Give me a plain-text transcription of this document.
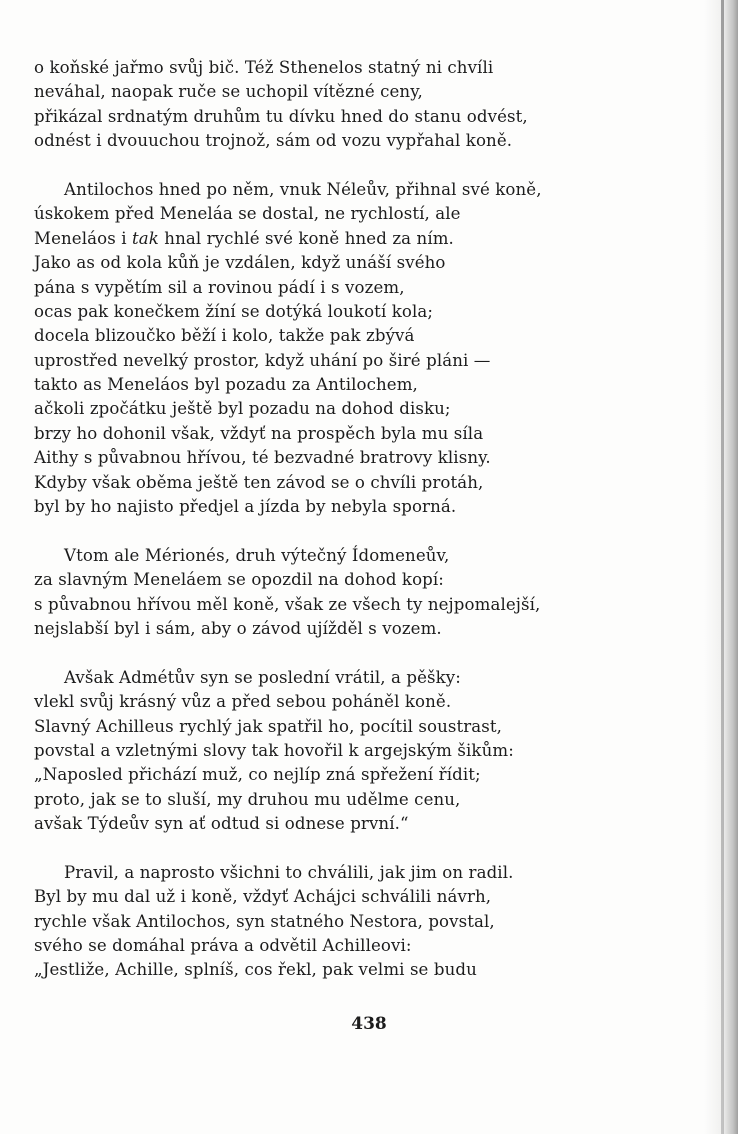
o koňské jařmo svůj bič. Též Sthenelos statný ni chvíli
neváhal, naopak ruče se uchopil vítězné ceny,
přikázal srdnatým druhům tu dívku hned do stanu odvést,
odnést i dvouuchou trojnož, sám od vozu vypřahal koně.
Antilochos hned po něm, vnuk Néleův, přihnal své koně,
úskokem před Meneláa se dostal, ne rychlostí, ale
Meneláos i tak hnal rychlé své koně hned za ním.
Jako as od kola kůň je vzdálen, když unáší svého
pána s vypětím sil a rovinou pádí i s vozem,
ocas pak konečkem žíní se dotýká loukotí kola;
docela blizoučko běží i kolo, takže pak zbývá
uprostřed nevelký prostor, když uhání po širé pláni —
takto as Meneláos byl pozadu za Antilochem,
ačkoli zpočátku ještě byl pozadu na dohod disku;
brzy ho dohonil však, vždyť na prospěch byla mu síla
Aithy s půvabnou hřívou, té bezvadné bratrovy klisny.
Kdyby však oběma ještě ten závod se o chvíli protáh,
byl by ho najisto předjel a jízda by nebyla sporná.
Vtom ale Mérionés, druh výtečný Ídomeneův,
za slavným Meneláem se opozdil na dohod kopí:
s půvabnou hřívou měl koně, však ze všech ty nejpomalejší,
nejslabší byl i sám, aby o závod ujížděl s vozem.
Avšak Admétův syn se poslední vrátil, a pěšky:
vlekl svůj krásný vůz a před sebou poháněl koně.
Slavný Achilleus rychlý jak spatřil ho, pocítil soustrast,
povstal a vzletnými slovy tak hovořil k argejským šikům:
„Naposled přichází muž, co nejlíp zná spřežení řídit;
proto, jak se to sluší, my druhou mu udělme cenu,
avšak Týdeův syn ať odtud si odnese první.“
Pravil, a naprosto všichni to chválili, jak jim on radil.
Byl by mu dal už i koně, vždyť Achájci schválili návrh,
rychle však Antilochos, syn statného Nestora, povstal,
svého se domáhal práva a odvětil Achilleovi:
„Jestliže, Achille, splníš, cos řekl, pak velmi se budu
438
